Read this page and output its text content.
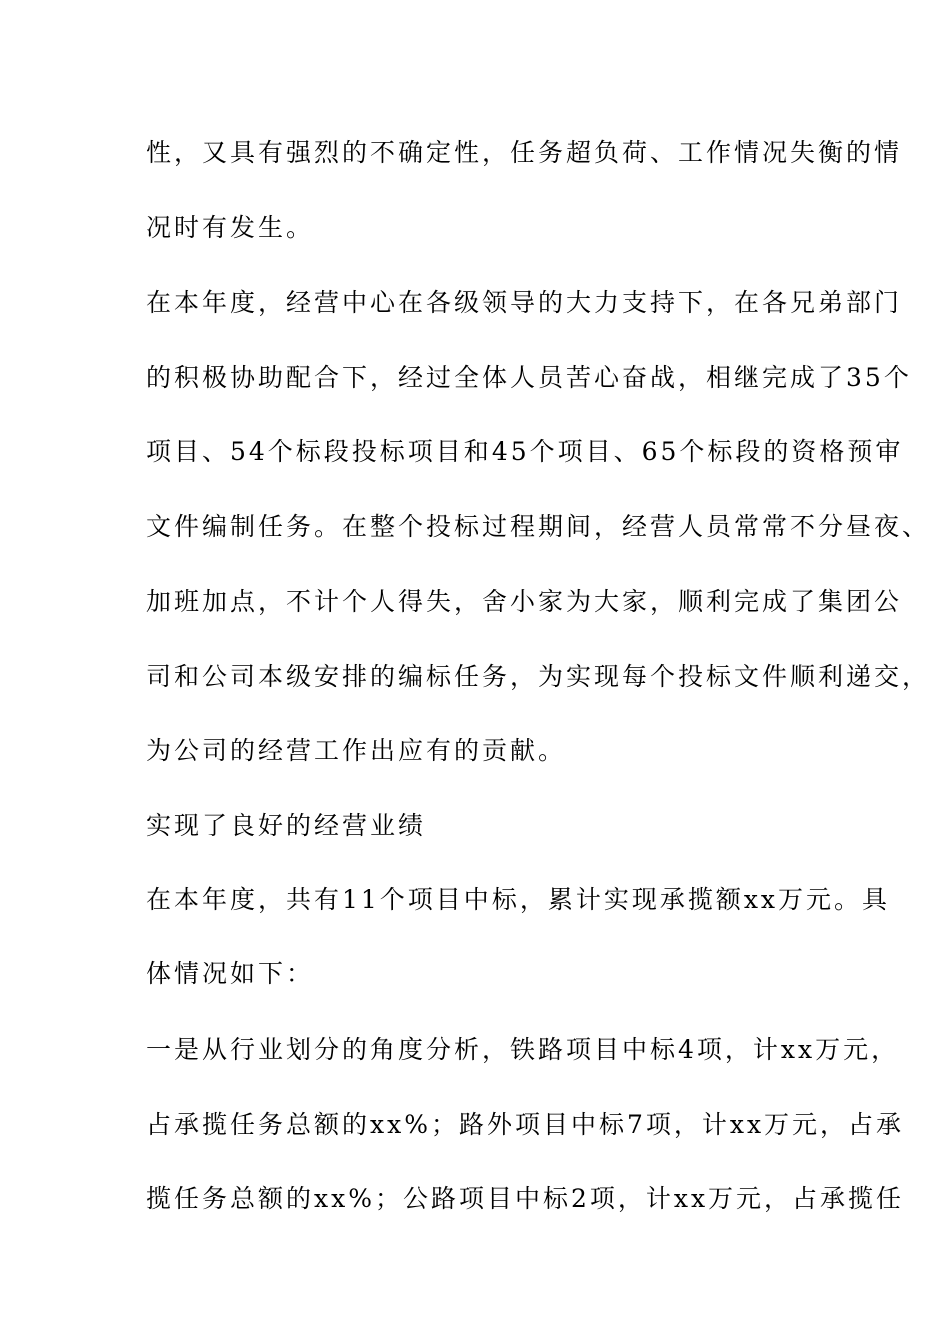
性，又具有强烈的不确定性，任务超负荷、工作情况失衡的情
况时有发生。
在本年度，经营中心在各级领导的大力支持下，在各兄弟部门
的积极协助配合下，经过全体人员苦心奋战，相继完成了35个
项目、54个标段投标项目和45个项目、65个标段的资格预审
文件编制任务。在整个投标过程期间，经营人员常常不分昼夜、
加班加点，不计个人得失，舍小家为大家，顺利完成了集团公
司和公司本级安排的编标任务，为实现每个投标文件顺利递交，
为公司的经营工作出应有的贡献。
实现了良好的经营业绩
在本年度，共有11个项目中标，累计实现承揽额xx万元。具
体情况如下：
一是从行业划分的角度分析，铁路项目中标4项，计xx万元，
占承揽任务总额的xx%；路外项目中标7项，计xx万元，占承
揽任务总额的xx%；公路项目中标2项，计xx万元，占承揽任
